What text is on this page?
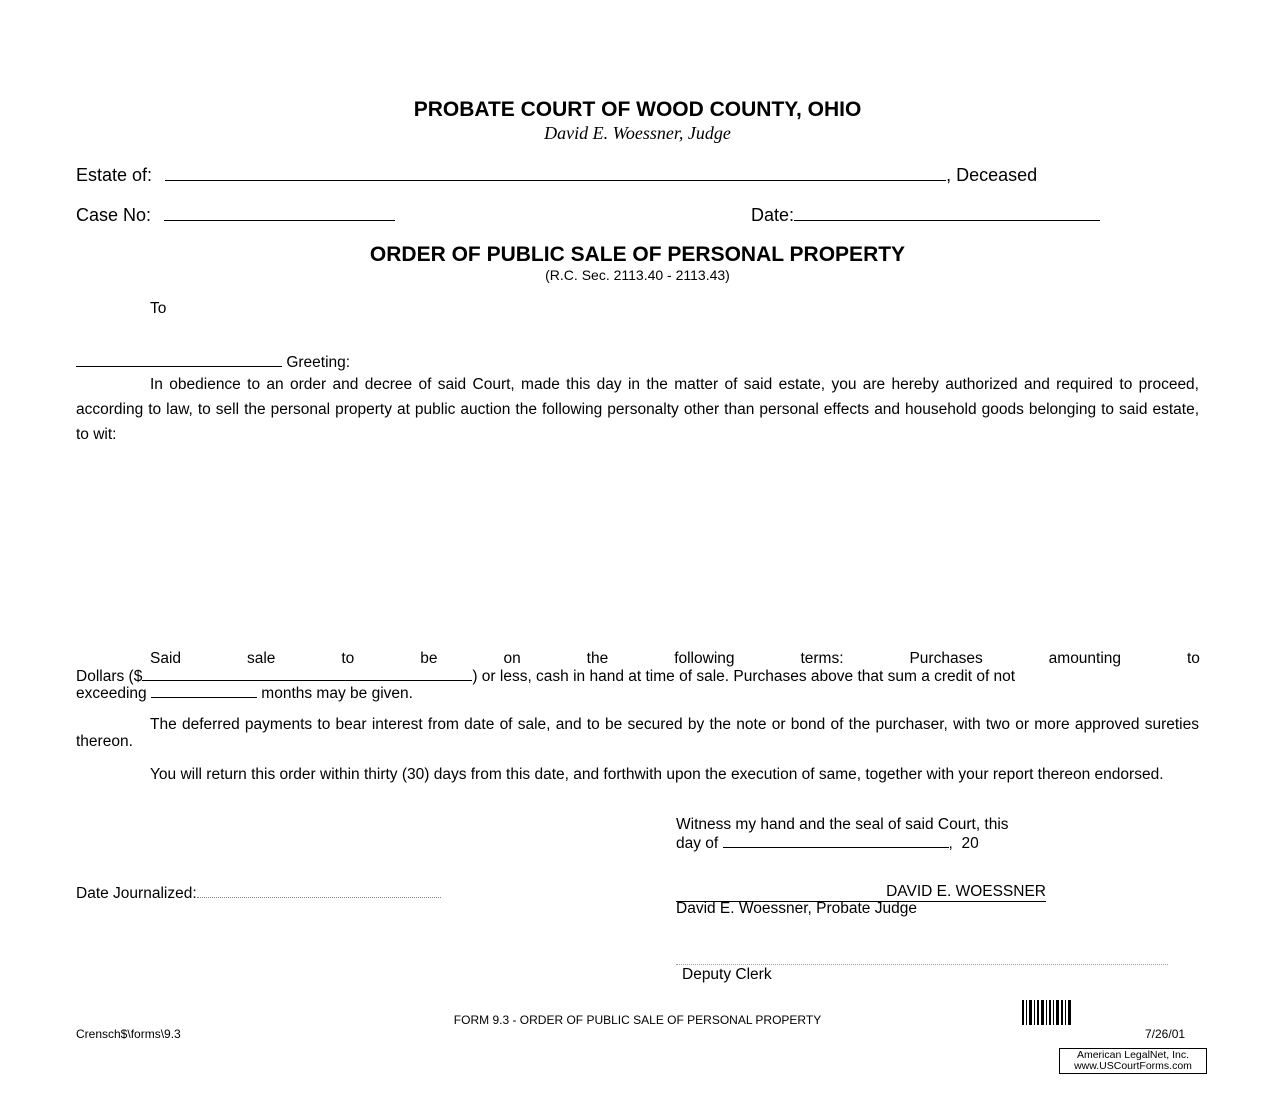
PROBATE COURT OF WOOD COUNTY, OHIO
David E. Woessner, Judge
Estate of:	, Deceased
Case No:	Date:
ORDER OF PUBLIC SALE OF PERSONAL PROPERTY
(R.C. Sec. 2113.40 - 2113.43)
To
Greeting:
In obedience to an order and decree of said Court, made this day in the matter of said estate, you are hereby authorized and required to proceed, according to law, to sell the personal property at public auction the following personalty other than personal effects and household goods belonging to said estate, to wit:
Said	sale	to	be	on	the	following	terms:	Purchases	amounting	to
Dollars ($	) or less, cash in hand at time of sale. Purchases above that sum a credit of not
exceeding	months may be given.
The deferred payments to bear interest from date of sale, and to be secured by the note or bond of the purchaser, with two or more approved sureties thereon.
You will return this order within thirty (30) days from this date, and forthwith upon the execution of same, together with your report thereon endorsed.
Witness my hand and the seal of said Court, this
day of	,  20
Date Journalized:	DAVID E. WOESSNER
David E. Woessner, Probate Judge
Deputy Clerk
FORM 9.3 - ORDER OF PUBLIC SALE OF PERSONAL PROPERTY
Crensch$\forms\9.3	7/26/01
American LegalNet, Inc.
www.USCourtForms.com
